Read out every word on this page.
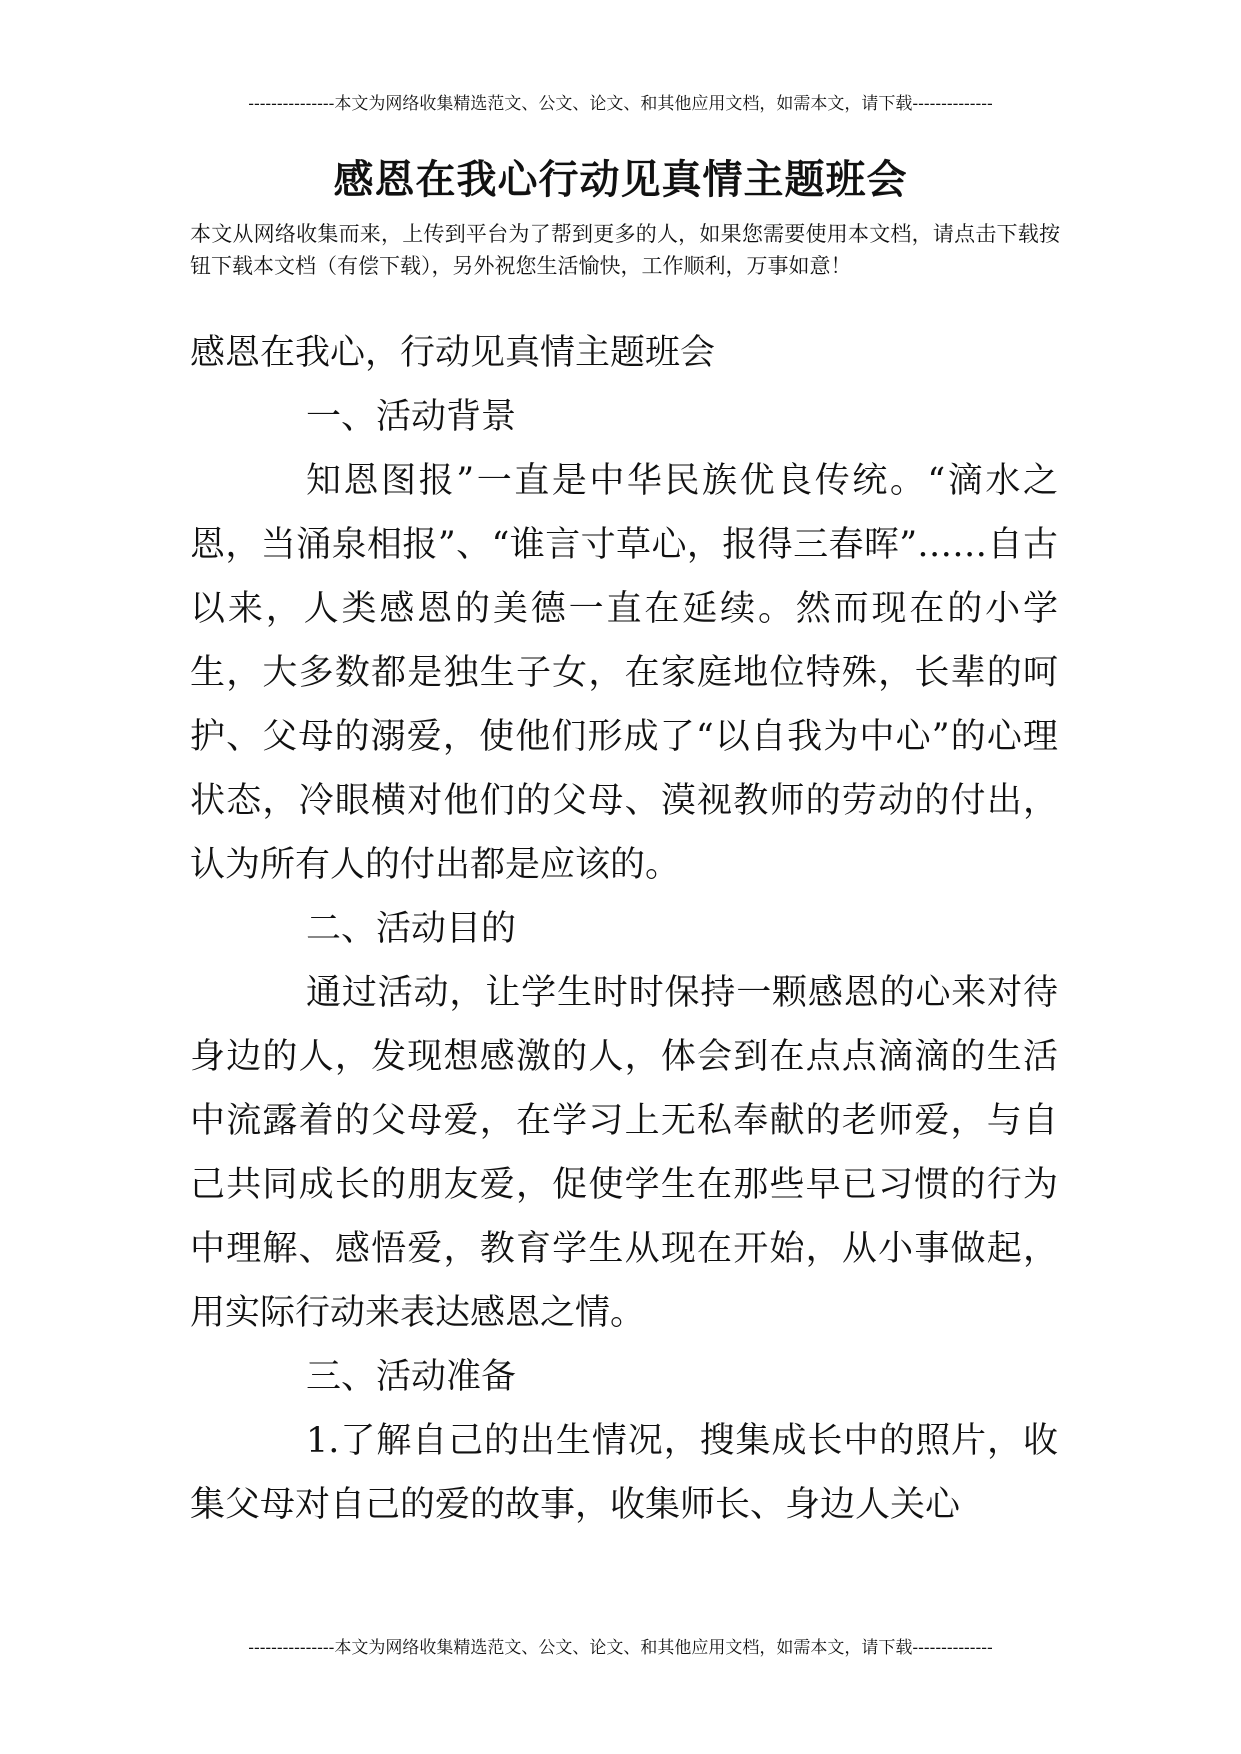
---------------本文为网络收集精选范文、公文、论文、和其他应用文档，如需本文，请下载--------------
感恩在我心行动见真情主题班会
本文从网络收集而来，上传到平台为了帮到更多的人，如果您需要使用本文档，请点击下载按钮下载本文档（有偿下载），另外祝您生活愉快，工作顺利，万事如意！

感恩在我心，行动见真情主题班会

一、活动背景

知恩图报”一直是中华民族优良传统。“滴水之恩，当涌泉相报”、“谁言寸草心，报得三春晖”……自古以来，人类感恩的美德一直在延续。然而现在的小学生，大多数都是独生子女，在家庭地位特殊，长辈的呵护、父母的溺爱，使他们形成了“以自我为中心”的心理状态，冷眼横对他们的父母、漠视教师的劳动的付出，认为所有人的付出都是应该的。

二、活动目的

通过活动，让学生时时保持一颗感恩的心来对待身边的人，发现想感激的人，体会到在点点滴滴的生活中流露着的父母爱，在学习上无私奉献的老师爱，与自己共同成长的朋友爱，促使学生在那些早已习惯的行为中理解、感悟爱，教育学生从现在开始，从小事做起，用实际行动来表达感恩之情。

三、活动准备

1.了解自己的出生情况，搜集成长中的照片，收集父母对自己的爱的故事，收集师长、身边人关心

---------------本文为网络收集精选范文、公文、论文、和其他应用文档，如需本文，请下载--------------
